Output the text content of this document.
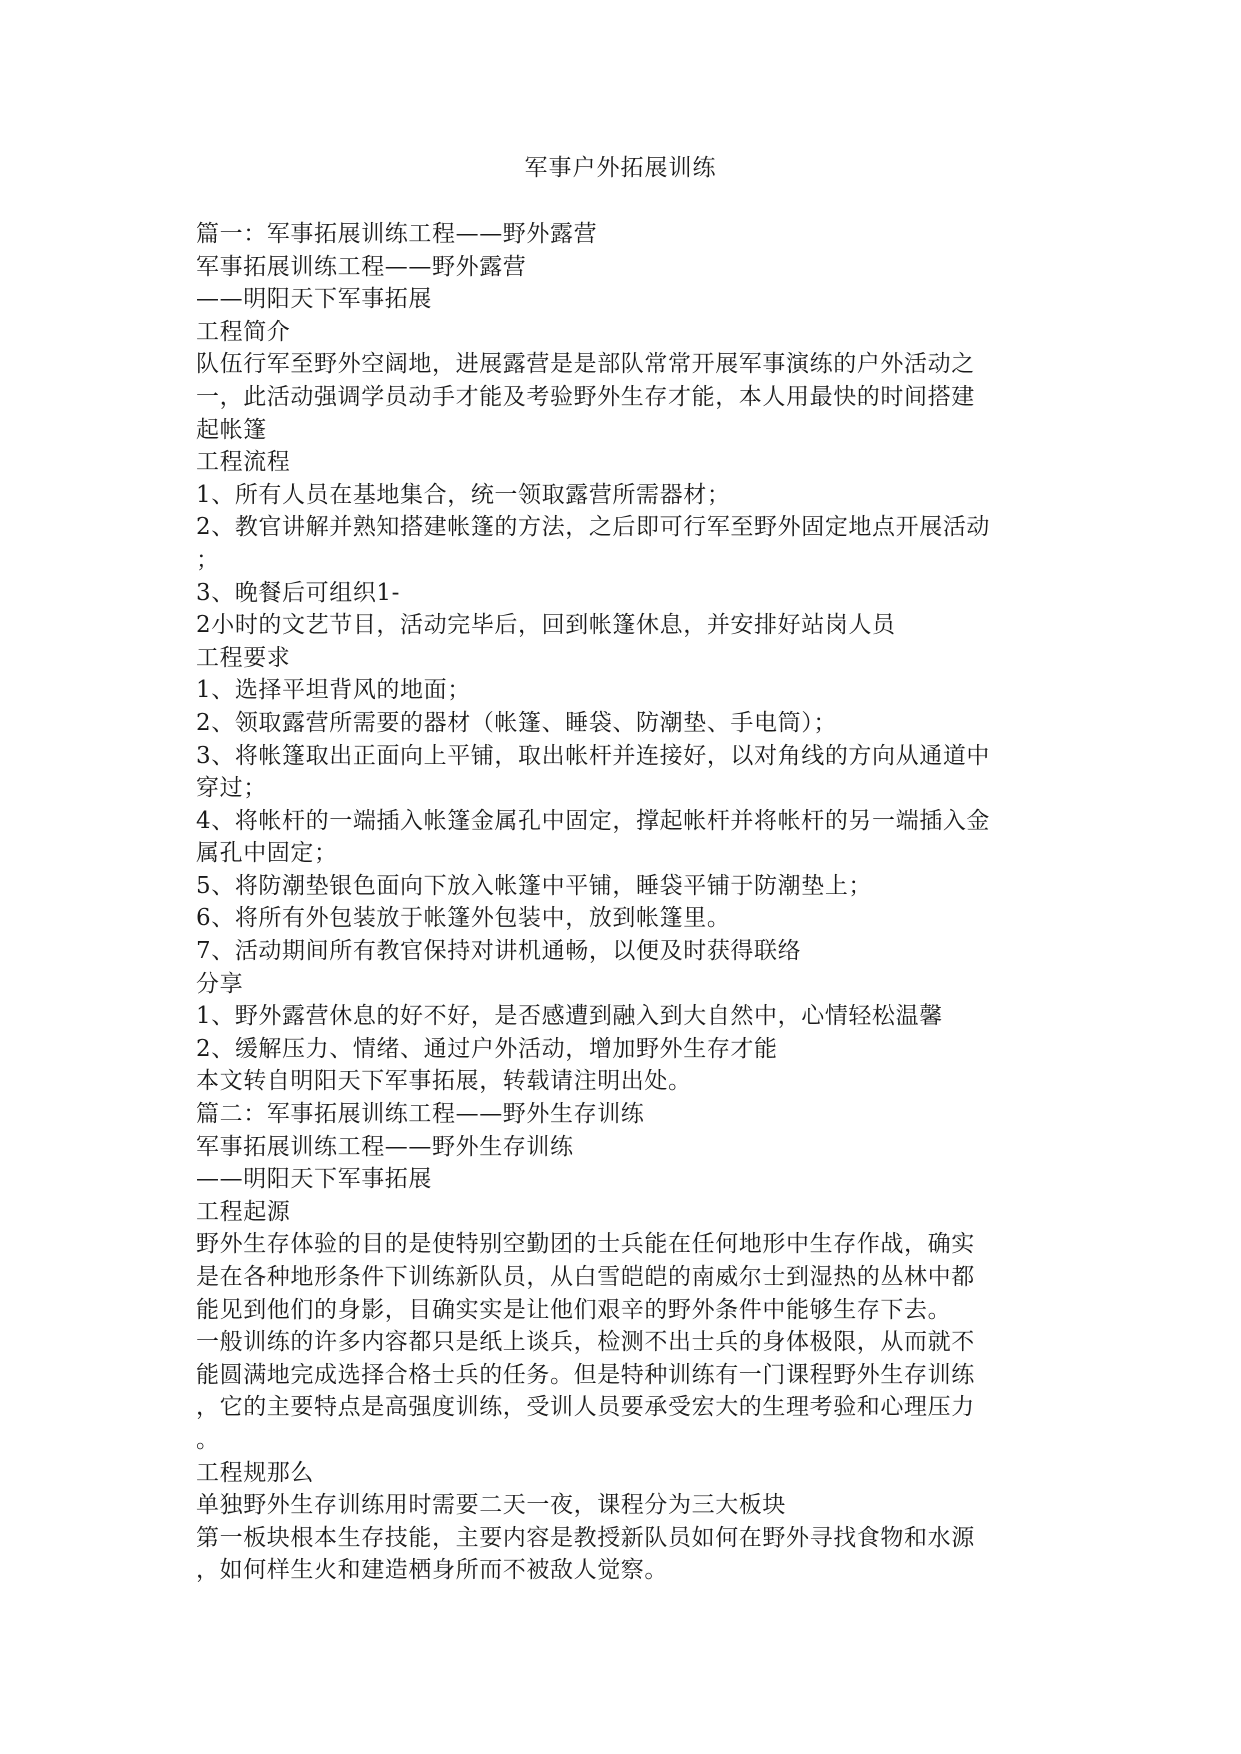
军事户外拓展训练
篇一：军事拓展训练工程——野外露营
军事拓展训练工程——野外露营
——明阳天下军事拓展
工程简介
队伍行军至野外空阔地，进展露营是是部队常常开展军事演练的户外活动之
一，此活动强调学员动手才能及考验野外生存才能，本人用最快的时间搭建
起帐篷
工程流程
1、所有人员在基地集合，统一领取露营所需器材；
2、教官讲解并熟知搭建帐篷的方法，之后即可行军至野外固定地点开展活动
；
3、晚餐后可组织1-
2小时的文艺节目，活动完毕后，回到帐篷休息，并安排好站岗人员
工程要求
1、选择平坦背风的地面；
2、领取露营所需要的器材（帐篷、睡袋、防潮垫、手电筒）；
3、将帐篷取出正面向上平铺，取出帐杆并连接好，以对角线的方向从通道中
穿过；
4、将帐杆的一端插入帐篷金属孔中固定，撑起帐杆并将帐杆的另一端插入金
属孔中固定；
5、将防潮垫银色面向下放入帐篷中平铺，睡袋平铺于防潮垫上；
6、将所有外包装放于帐篷外包装中，放到帐篷里。
7、活动期间所有教官保持对讲机通畅，以便及时获得联络
分享
1、野外露营休息的好不好，是否感遭到融入到大自然中，心情轻松温馨
2、缓解压力、情绪、通过户外活动，增加野外生存才能
本文转自明阳天下军事拓展，转载请注明出处。
篇二：军事拓展训练工程——野外生存训练
军事拓展训练工程——野外生存训练
——明阳天下军事拓展
工程起源
野外生存体验的目的是使特别空勤团的士兵能在任何地形中生存作战，确实
是在各种地形条件下训练新队员，从白雪皑皑的南威尔士到湿热的丛林中都
能见到他们的身影，目确实实是让他们艰辛的野外条件中能够生存下去。
一般训练的许多内容都只是纸上谈兵，检测不出士兵的身体极限，从而就不
能圆满地完成选择合格士兵的任务。但是特种训练有一门课程野外生存训练
，它的主要特点是高强度训练，受训人员要承受宏大的生理考验和心理压力
。
工程规那么
单独野外生存训练用时需要二天一夜，课程分为三大板块
第一板块根本生存技能，主要内容是教授新队员如何在野外寻找食物和水源
，如何样生火和建造栖身所而不被敌人觉察。
